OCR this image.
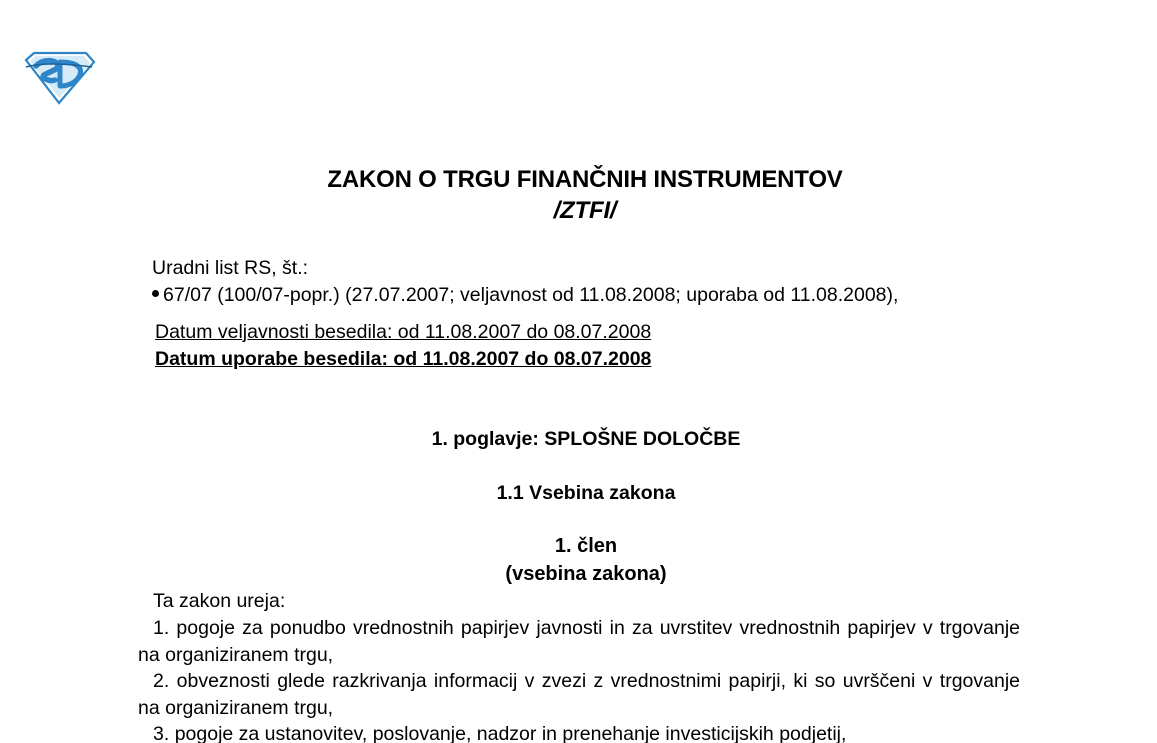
ZAKON O TRGU FINANČNIH INSTRUMENTOV
/ZTFI/
Uradni list RS, št.:
67/07 (100/07-popr.) (27.07.2007; veljavnost od 11.08.2008; uporaba od 11.08.2008),
Datum veljavnosti besedila: od 11.08.2007 do 08.07.2008
Datum uporabe besedila: od 11.08.2007 do 08.07.2008
1. poglavje: SPLOŠNE DOLOČBE
1.1 Vsebina zakona
1. člen
(vsebina zakona)
Ta zakon ureja:
1. pogoje za ponudbo vrednostnih papirjev javnosti in za uvrstitev vrednostnih papirjev v trgovanje na organiziranem trgu,
2. obveznosti glede razkrivanja informacij v zvezi z vrednostnimi papirji, ki so uvrščeni v trgovanje na organiziranem trgu,
3. pogoje za ustanovitev, poslovanje, nadzor in prenehanje investicijskih podjetij,
